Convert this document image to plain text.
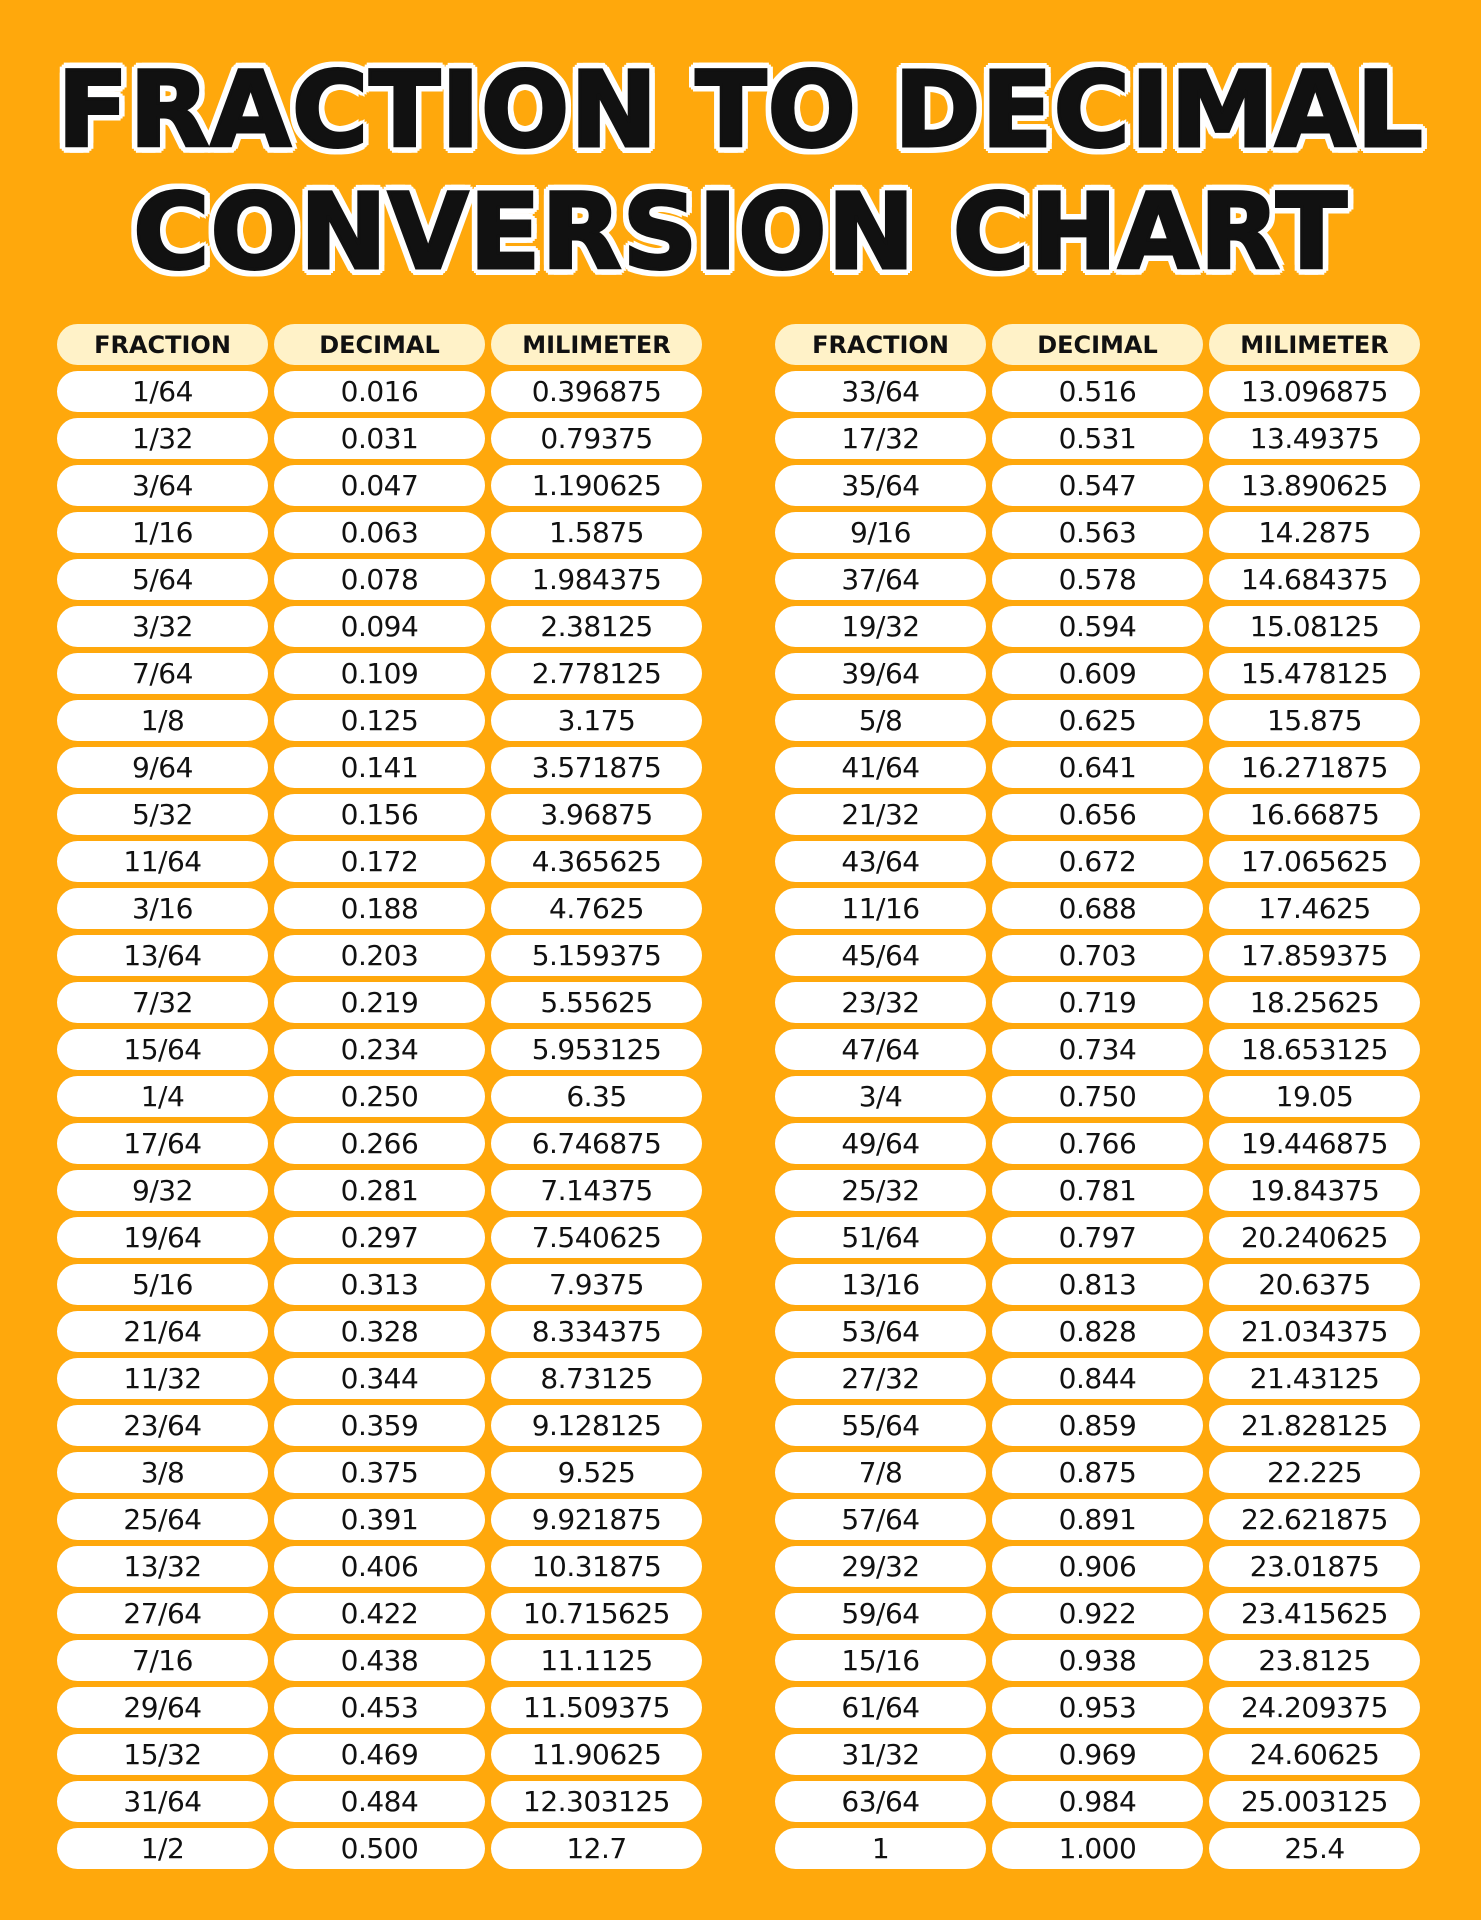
FRACTION TO DECIMAL
CONVERSION CHART
FRACTION	DECIMAL	MILIMETER
1/64	0.016	0.396875
1/32	0.031	0.79375
3/64	0.047	1.190625
1/16	0.063	1.5875
5/64	0.078	1.984375
3/32	0.094	2.38125
7/64	0.109	2.778125
1/8	0.125	3.175
9/64	0.141	3.571875
5/32	0.156	3.96875
11/64	0.172	4.365625
3/16	0.188	4.7625
13/64	0.203	5.159375
7/32	0.219	5.55625
15/64	0.234	5.953125
1/4	0.250	6.35
17/64	0.266	6.746875
9/32	0.281	7.14375
19/64	0.297	7.540625
5/16	0.313	7.9375
21/64	0.328	8.334375
11/32	0.344	8.73125
23/64	0.359	9.128125
3/8	0.375	9.525
25/64	0.391	9.921875
13/32	0.406	10.31875
27/64	0.422	10.715625
7/16	0.438	11.1125
29/64	0.453	11.509375
15/32	0.469	11.90625
31/64	0.484	12.303125
1/2	0.500	12.7
FRACTION	DECIMAL	MILIMETER
33/64	0.516	13.096875
17/32	0.531	13.49375
35/64	0.547	13.890625
9/16	0.563	14.2875
37/64	0.578	14.684375
19/32	0.594	15.08125
39/64	0.609	15.478125
5/8	0.625	15.875
41/64	0.641	16.271875
21/32	0.656	16.66875
43/64	0.672	17.065625
11/16	0.688	17.4625
45/64	0.703	17.859375
23/32	0.719	18.25625
47/64	0.734	18.653125
3/4	0.750	19.05
49/64	0.766	19.446875
25/32	0.781	19.84375
51/64	0.797	20.240625
13/16	0.813	20.6375
53/64	0.828	21.034375
27/32	0.844	21.43125
55/64	0.859	21.828125
7/8	0.875	22.225
57/64	0.891	22.621875
29/32	0.906	23.01875
59/64	0.922	23.415625
15/16	0.938	23.8125
61/64	0.953	24.209375
31/32	0.969	24.60625
63/64	0.984	25.003125
1	1.000	25.4
